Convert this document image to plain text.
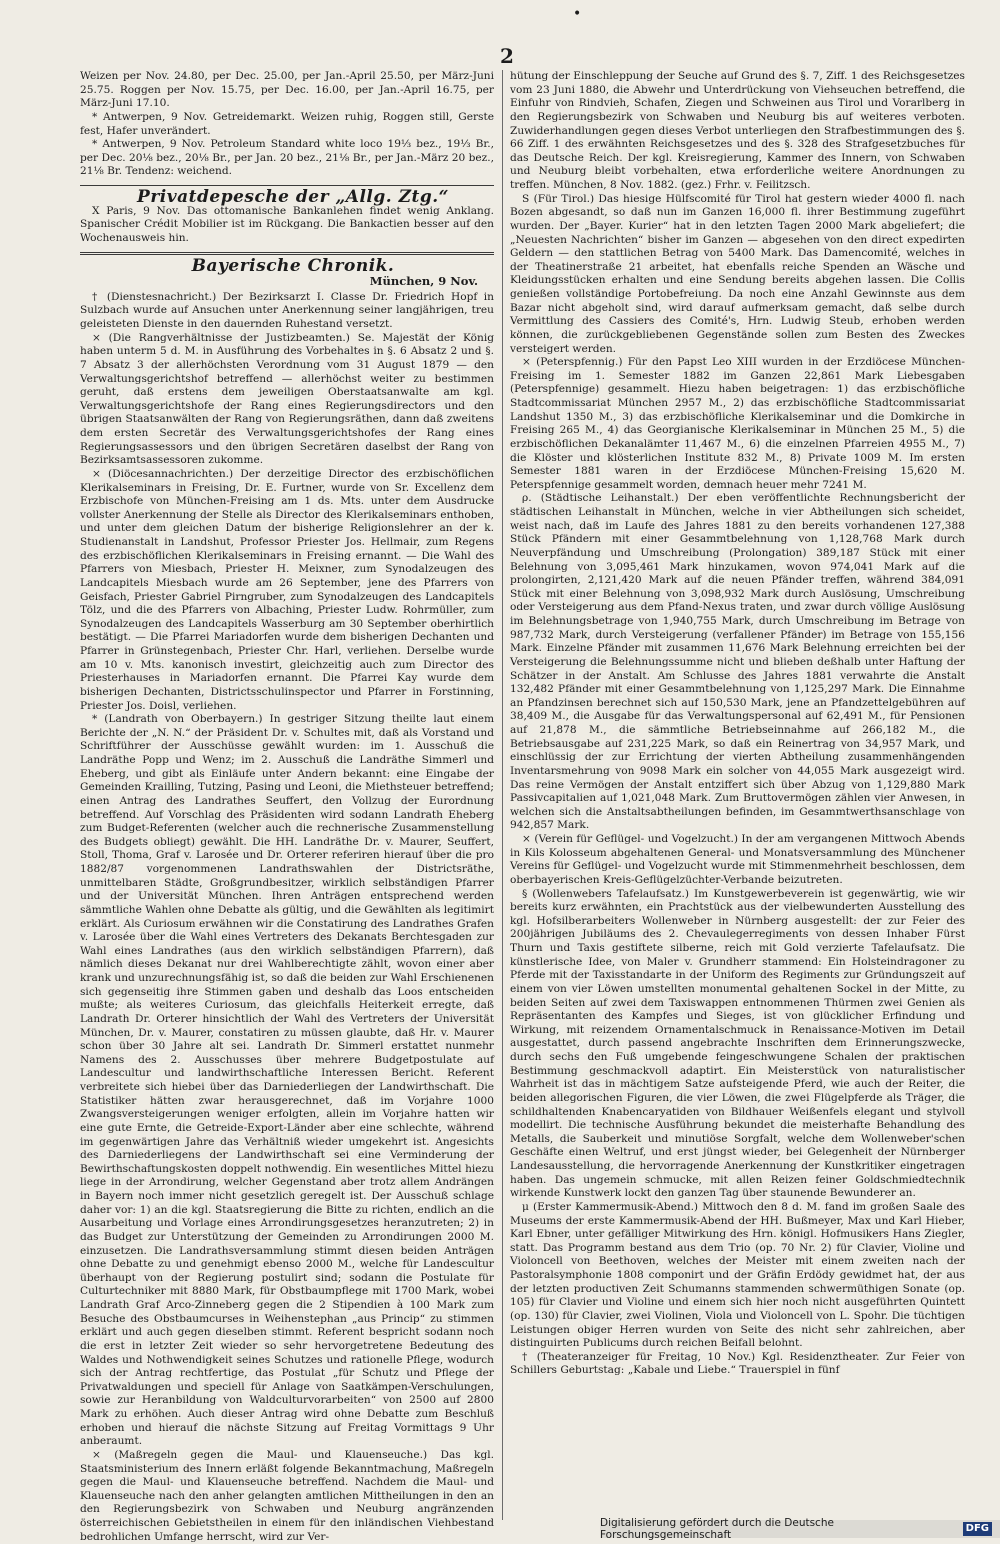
•
2

Weizen per Nov. 24.80, per Dec. 25.00, per Jan.-April 25.50, per März-Juni 25.75. Roggen per Nov. 15.75, per Dec. 16.00, per Jan.-April 16.75, per März-Juni 17.10.

* Antwerpen, 9 Nov. Getreidemarkt. Weizen ruhig, Roggen still, Gerste fest, Hafer unverändert.

* Antwerpen, 9 Nov. Petroleum Standard white loco 19⅓ bez., 19⅓ Br., per Dec. 20⅛ bez., 20⅛ Br., per Jan. 20 bez., 21⅛ Br., per Jan.-März 20 bez., 21⅛ Br. Tendenz: weichend.

Privatdepesche der „Allg. Ztg.“

X Paris, 9 Nov. Das ottomanische Bankanlehen findet wenig Anklang. Spanischer Crédit Mobilier ist im Rückgang. Die Bankactien besser auf den Wochenausweis hin.

Bayerische Chronik.

München, 9 Nov.

† (Dienstesnachricht.) Der Bezirksarzt I. Classe Dr. Friedrich Hopf in Sulzbach wurde auf Ansuchen unter Anerkennung seiner langjährigen, treu geleisteten Dienste in den dauernden Ruhestand versetzt.

⨯ (Die Rangverhältnisse der Justizbeamten.) Se. Majestät der König haben unterm 5 d. M. in Ausführung des Vorbehaltes in §. 6 Absatz 2 und §. 7 Absatz 3 der allerhöchsten Verordnung vom 31 August 1879 — den Verwaltungsgerichtshof betreffend — allerhöchst weiter zu bestimmen geruht, daß erstens dem jeweiligen Oberstaatsanwalte am kgl. Verwaltungsgerichtshofe der Rang eines Regierungsdirectors und den übrigen Staatsanwälten der Rang von Regierungsräthen, dann daß zweitens dem ersten Secretär des Verwaltungsgerichtshofes der Rang eines Regierungsassessors und den übrigen Secretären daselbst der Rang von Bezirksamtsassessoren zukomme.

⨯ (Diöcesannachrichten.) Der derzeitige Director des erzbischöflichen Klerikalseminars in Freising, Dr. E. Furtner, wurde von Sr. Excellenz dem Erzbischofe von München-Freising am 1 ds. Mts. unter dem Ausdrucke vollster Anerkennung der Stelle als Director des Klerikalseminars enthoben, und unter dem gleichen Datum der bisherige Religionslehrer an der k. Studienanstalt in Landshut, Professor Priester Jos. Hellmair, zum Regens des erzbischöflichen Klerikalseminars in Freising ernannt. — Die Wahl des Pfarrers von Miesbach, Priester H. Meixner, zum Synodalzeugen des Landcapitels Miesbach wurde am 26 September, jene des Pfarrers von Geisfach, Priester Gabriel Pirngruber, zum Synodalzeugen des Landcapitels Tölz, und die des Pfarrers von Albaching, Priester Ludw. Rohrmüller, zum Synodalzeugen des Landcapitels Wasserburg am 30 September oberhirtlich bestätigt. — Die Pfarrei Mariadorfen wurde dem bisherigen Dechanten und Pfarrer in Grünstegenbach, Priester Chr. Harl, verliehen. Derselbe wurde am 10 v. Mts. kanonisch investirt, gleichzeitig auch zum Director des Priesterhauses in Mariadorfen ernannt. Die Pfarrei Kay wurde dem bisherigen Dechanten, Districtsschulinspector und Pfarrer in Forstinning, Priester Jos. Doisl, verliehen.

* (Landrath von Oberbayern.) In gestriger Sitzung theilte laut einem Berichte der „N. N.“ der Präsident Dr. v. Schultes mit, daß als Vorstand und Schriftführer der Ausschüsse gewählt wurden: im 1. Ausschuß die Landräthe Popp und Wenz; im 2. Ausschuß die Landräthe Simmerl und Eheberg, und gibt als Einläufe unter Andern bekannt: eine Eingabe der Gemeinden Krailling, Tutzing, Pasing und Leoni, die Miethsteuer betreffend; einen Antrag des Landrathes Seuffert, den Vollzug der Eurordnung betreffend. Auf Vorschlag des Präsidenten wird sodann Landrath Eheberg zum Budget-Referenten (welcher auch die rechnerische Zusammenstellung des Budgets obliegt) gewählt. Die HH. Landräthe Dr. v. Maurer, Seuffert, Stoll, Thoma, Graf v. Larosée und Dr. Orterer referiren hierauf über die pro 1882/87 vorgenommenen Landrathswahlen der Districtsräthe, unmittelbaren Städte, Großgrundbesitzer, wirklich selbständigen Pfarrer und der Universität München. Ihren Anträgen entsprechend werden sämmtliche Wahlen ohne Debatte als gültig, und die Gewählten als legitimirt erklärt. Als Curiosum erwähnen wir die Constatirung des Landrathes Grafen v. Larosée über die Wahl eines Vertreters des Dekanats Berchtesgaden zur Wahl eines Landrathes (aus den wirklich selbständigen Pfarrern), daß nämlich dieses Dekanat nur drei Wahlberechtigte zählt, wovon einer aber krank und unzurechnungsfähig ist, so daß die beiden zur Wahl Erschienenen sich gegenseitig ihre Stimmen gaben und deshalb das Loos entscheiden mußte; als weiteres Curiosum, das gleichfalls Heiterkeit erregte, daß Landrath Dr. Orterer hinsichtlich der Wahl des Vertreters der Universität München, Dr. v. Maurer, constatiren zu müssen glaubte, daß Hr. v. Maurer schon über 30 Jahre alt sei. Landrath Dr. Simmerl erstattet nunmehr Namens des 2. Ausschusses über mehrere Budgetpostulate auf Landescultur und landwirthschaftliche Interessen Bericht. Referent verbreitete sich hiebei über das Darniederliegen der Landwirthschaft. Die Statistiker hätten zwar herausgerechnet, daß im Vorjahre 1000 Zwangsversteigerungen weniger erfolgten, allein im Vorjahre hatten wir eine gute Ernte, die Getreide-Export-Länder aber eine schlechte, während im gegenwärtigen Jahre das Verhältniß wieder umgekehrt ist. Angesichts des Darniederliegens der Landwirthschaft sei eine Verminderung der Bewirthschaftungskosten doppelt nothwendig. Ein wesentliches Mittel hiezu liege in der Arrondirung, welcher Gegenstand aber trotz allem Andrängen in Bayern noch immer nicht gesetzlich geregelt ist. Der Ausschuß schlage daher vor: 1) an die kgl. Staatsregierung die Bitte zu richten, endlich an die Ausarbeitung und Vorlage eines Arrondirungsgesetzes heranzutreten; 2) in das Budget zur Unterstützung der Gemeinden zu Arrondirungen 2000 M. einzusetzen. Die Landrathsversammlung stimmt diesen beiden Anträgen ohne Debatte zu und genehmigt ebenso 2000 M., welche für Landescultur überhaupt von der Regierung postulirt sind; sodann die Postulate für Culturtechniker mit 8880 Mark, für Obstbaumpflege mit 1700 Mark, wobei Landrath Graf Arco-Zinneberg gegen die 2 Stipendien à 100 Mark zum Besuche des Obstbaumcurses in Weihenstephan „aus Princip“ zu stimmen erklärt und auch gegen dieselben stimmt. Referent bespricht sodann noch die erst in letzter Zeit wieder so sehr hervorgetretene Bedeutung des Waldes und Nothwendigkeit seines Schutzes und rationelle Pflege, wodurch sich der Antrag rechtfertige, das Postulat „für Schutz und Pflege der Privatwaldungen und speciell für Anlage von Saatkämpen-Verschulungen, sowie zur Heranbildung von Waldculturvorarbeiten“ von 2500 auf 2800 Mark zu erhöhen. Auch dieser Antrag wird ohne Debatte zum Beschluß erhoben und hierauf die nächste Sitzung auf Freitag Vormittags 9 Uhr anberaumt.

⨯ (Maßregeln gegen die Maul- und Klauenseuche.) Das kgl. Staatsministerium des Innern erläßt folgende Bekanntmachung, Maßregeln gegen die Maul- und Klauenseuche betreffend. Nachdem die Maul- und Klauenseuche nach den anher gelangten amtlichen Mittheilungen in den an den Regierungsbezirk von Schwaben und Neuburg angränzenden österreichischen Gebietstheilen in einem für den inländischen Viehbestand bedrohlichen Umfange herrscht, wird zur Ver-

hütung der Einschleppung der Seuche auf Grund des §. 7, Ziff. 1 des Reichsgesetzes vom 23 Juni 1880, die Abwehr und Unterdrückung von Viehseuchen betreffend, die Einfuhr von Rindvieh, Schafen, Ziegen und Schweinen aus Tirol und Vorarlberg in den Regierungsbezirk von Schwaben und Neuburg bis auf weiteres verboten. Zuwiderhandlungen gegen dieses Verbot unterliegen den Strafbestimmungen des §. 66 Ziff. 1 des erwähnten Reichsgesetzes und des §. 328 des Strafgesetzbuches für das Deutsche Reich. Der kgl. Kreisregierung, Kammer des Innern, von Schwaben und Neuburg bleibt vorbehalten, etwa erforderliche weitere Anordnungen zu treffen. München, 8 Nov. 1882. (gez.) Frhr. v. Feilitzsch.

S (Für Tirol.) Das hiesige Hülfscomité für Tirol hat gestern wieder 4000 fl. nach Bozen abgesandt, so daß nun im Ganzen 16,000 fl. ihrer Bestimmung zugeführt wurden. Der „Bayer. Kurier“ hat in den letzten Tagen 2000 Mark abgeliefert; die „Neuesten Nachrichten“ bisher im Ganzen — abgesehen von den direct expedirten Geldern — den stattlichen Betrag von 5400 Mark. Das Damencomité, welches in der Theatinerstraße 21 arbeitet, hat ebenfalls reiche Spenden an Wäsche und Kleidungsstücken erhalten und eine Sendung bereits abgehen lassen. Die Collis genießen vollständige Portobefreiung. Da noch eine Anzahl Gewinnste aus dem Bazar nicht abgeholt sind, wird darauf aufmerksam gemacht, daß selbe durch Vermittlung des Cassiers des Comité's, Hrn. Ludwig Steub, erhoben werden können, die zurückgebliebenen Gegenstände sollen zum Besten des Zweckes versteigert werden.

⨯ (Peterspfennig.) Für den Papst Leo XIII wurden in der Erzdiöcese München-Freising im 1. Semester 1882 im Ganzen 22,861 Mark Liebesgaben (Peterspfennige) gesammelt. Hiezu haben beigetragen: 1) das erzbischöfliche Stadtcommissariat München 2957 M., 2) das erzbischöfliche Stadtcommissariat Landshut 1350 M., 3) das erzbischöfliche Klerikalseminar und die Domkirche in Freising 265 M., 4) das Georgianische Klerikalseminar in München 25 M., 5) die erzbischöflichen Dekanalämter 11,467 M., 6) die einzelnen Pfarreien 4955 M., 7) die Klöster und klösterlichen Institute 832 M., 8) Private 1009 M. Im ersten Semester 1881 waren in der Erzdiöcese München-Freising 15,620 M. Peterspfennige gesammelt worden, demnach heuer mehr 7241 M.

ρ. (Städtische Leihanstalt.) Der eben veröffentlichte Rechnungsbericht der städtischen Leihanstalt in München, welche in vier Abtheilungen sich scheidet, weist nach, daß im Laufe des Jahres 1881 zu den bereits vorhandenen 127,388 Stück Pfändern mit einer Gesammtbelehnung von 1,128,768 Mark durch Neuverpfändung und Umschreibung (Prolongation) 389,187 Stück mit einer Belehnung von 3,095,461 Mark hinzukamen, wovon 974,041 Mark auf die prolongirten, 2,121,420 Mark auf die neuen Pfänder treffen, während 384,091 Stück mit einer Belehnung von 3,098,932 Mark durch Auslösung, Umschreibung oder Versteigerung aus dem Pfand-Nexus traten, und zwar durch völlige Auslösung im Belehnungsbetrage von 1,940,755 Mark, durch Umschreibung im Betrage von 987,732 Mark, durch Versteigerung (verfallener Pfänder) im Betrage von 155,156 Mark. Einzelne Pfänder mit zusammen 11,676 Mark Belehnung erreichten bei der Versteigerung die Belehnungssumme nicht und blieben deßhalb unter Haftung der Schätzer in der Anstalt. Am Schlusse des Jahres 1881 verwahrte die Anstalt 132,482 Pfänder mit einer Gesammtbelehnung von 1,125,297 Mark. Die Einnahme an Pfandzinsen berechnet sich auf 150,530 Mark, jene an Pfandzettelgebühren auf 38,409 M., die Ausgabe für das Verwaltungspersonal auf 62,491 M., für Pensionen auf 21,878 M., die sämmtliche Betriebseinnahme auf 266,182 M., die Betriebsausgabe auf 231,225 Mark, so daß ein Reinertrag von 34,957 Mark, und einschlüssig der zur Errichtung der vierten Abtheilung zusammenhängenden Inventarsmehrung von 9098 Mark ein solcher von 44,055 Mark ausgezeigt wird. Das reine Vermögen der Anstalt entziffert sich über Abzug von 1,129,880 Mark Passivcapitalien auf 1,021,048 Mark. Zum Bruttovermögen zählen vier Anwesen, in welchen sich die Anstaltsabtheilungen befinden, im Gesammtwerthsanschlage von 942,857 Mark.

⨯ (Verein für Geflügel- und Vogelzucht.) In der am vergangenen Mittwoch Abends in Kils Kolosseum abgehaltenen General- und Monatsversammlung des Münchener Vereins für Geflügel- und Vogelzucht wurde mit Stimmenmehrheit beschlossen, dem oberbayerischen Kreis-Geflügelzüchter-Verbande beizutreten.

§ (Wollenwebers Tafelaufsatz.) Im Kunstgewerbeverein ist gegenwärtig, wie wir bereits kurz erwähnten, ein Prachtstück aus der vielbewunderten Ausstellung des kgl. Hofsilberarbeiters Wollenweber in Nürnberg ausgestellt: der zur Feier des 200jährigen Jubiläums des 2. Chevaulegerregiments von dessen Inhaber Fürst Thurn und Taxis gestiftete silberne, reich mit Gold verzierte Tafelaufsatz. Die künstlerische Idee, von Maler v. Grundherr stammend: Ein Holsteindragoner zu Pferde mit der Taxisstandarte in der Uniform des Regiments zur Gründungszeit auf einem von vier Löwen umstellten monumental gehaltenen Sockel in der Mitte, zu beiden Seiten auf zwei dem Taxiswappen entnommenen Thürmen zwei Genien als Repräsentanten des Kampfes und Sieges, ist von glücklicher Erfindung und Wirkung, mit reizendem Ornamentalschmuck in Renaissance-Motiven im Detail ausgestattet, durch passend angebrachte Inschriften dem Erinnerungszwecke, durch sechs den Fuß umgebende feingeschwungene Schalen der praktischen Bestimmung geschmackvoll adaptirt. Ein Meisterstück von naturalistischer Wahrheit ist das in mächtigem Satze aufsteigende Pferd, wie auch der Reiter, die beiden allegorischen Figuren, die vier Löwen, die zwei Flügelpferde als Träger, die schildhaltenden Knabencaryatiden von Bildhauer Weißenfels elegant und stylvoll modellirt. Die technische Ausführung bekundet die meisterhafte Behandlung des Metalls, die Sauberkeit und minutiöse Sorgfalt, welche dem Wollenweber'schen Geschäfte einen Weltruf, und erst jüngst wieder, bei Gelegenheit der Nürnberger Landesausstellung, die hervorragende Anerkennung der Kunstkritiker eingetragen haben. Das ungemein schmucke, mit allen Reizen feiner Goldschmiedtechnik wirkende Kunstwerk lockt den ganzen Tag über staunende Bewunderer an.

μ (Erster Kammermusik-Abend.) Mittwoch den 8 d. M. fand im großen Saale des Museums der erste Kammermusik-Abend der HH. Bußmeyer, Max und Karl Hieber, Karl Ebner, unter gefälliger Mitwirkung des Hrn. königl. Hofmusikers Hans Ziegler, statt. Das Programm bestand aus dem Trio (op. 70 Nr. 2) für Clavier, Violine und Violoncell von Beethoven, welches der Meister mit einem zweiten nach der Pastoralsymphonie 1808 componirt und der Gräfin Erdödy gewidmet hat, der aus der letzten productiven Zeit Schumanns stammenden schwermüthigen Sonate (op. 105) für Clavier und Violine und einem sich hier noch nicht ausgeführten Quintett (op. 130) für Clavier, zwei Violinen, Viola und Violoncell von L. Spohr. Die tüchtigen Leistungen obiger Herren wurden von Seite des nicht sehr zahlreichen, aber distinguirten Publicums durch reichen Beifall belohnt.

† (Theateranzeiger für Freitag, 10 Nov.) Kgl. Residenztheater. Zur Feier von Schillers Geburtstag: „Kabale und Liebe.“ Trauerspiel in fünf

Digitalisierung gefördert durch die Deutsche Forschungsgemeinschaft
DFG
